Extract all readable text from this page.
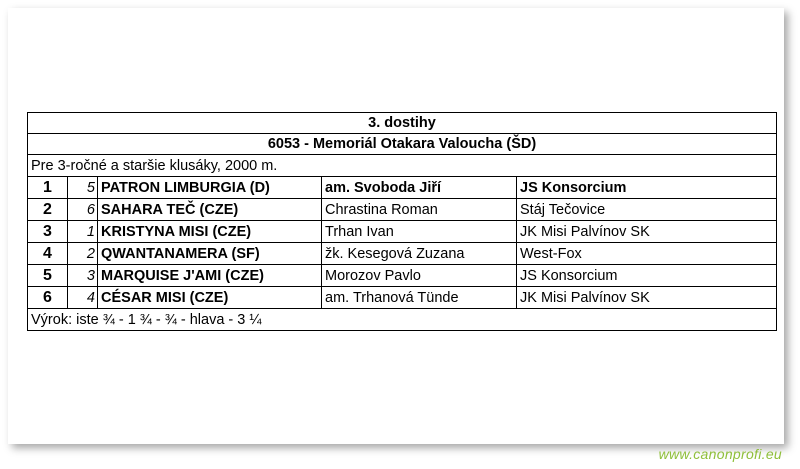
3. dostihy				
6053 - Memoriál Otakara Valoucha (ŠD)				
Pre 3-ročné a staršie klusáky, 2000 m.				
1	5	PATRON LIMBURGIA (D)	am. Svoboda Jiří	JS Konsorcium
2	6	SAHARA TEČ (CZE)	Chrastina Roman	Stáj Tečovice
3	1	KRISTYNA MISI (CZE)	Trhan Ivan	JK Misi Palvínov SK
4	2	QWANTANAMERA (SF)	žk. Kesegová Zuzana	West-Fox
5	3	MARQUISE J'AMI (CZE)	Morozov Pavlo	JS Konsorcium
6	4	CÉSAR MISI (CZE)	am. Trhanová Tünde	JK Misi Palvínov SK
Výrok: iste ¾ - 1 ¾ - ¾ - hlava - 3 ¼				
www.canonprofi.eu
